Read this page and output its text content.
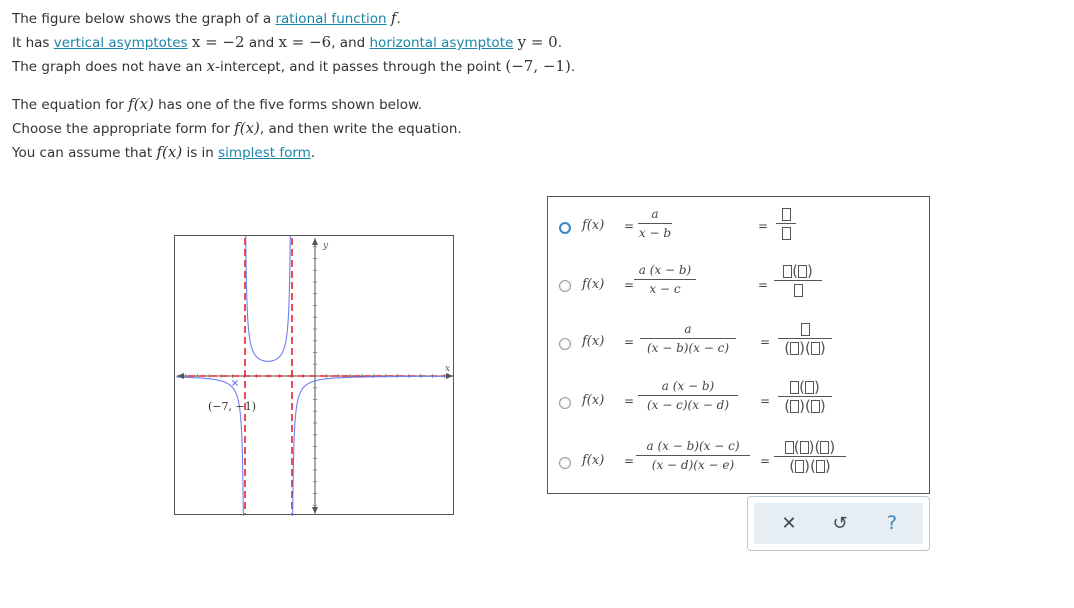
The figure below shows the graph of a rational function f.
It has vertical asymptotes x = −2 and x = −6, and horizontal asymptote y = 0.
The graph does not have an x-intercept, and it passes through the point (−7, −1).
The equation for f(x) has one of the five forms shown below.
Choose the appropriate form for f(x), and then write the equation.
You can assume that f(x) is in simplest form.
y
x
(−7, −1)
f(x) =
a
x − b	=
f(x) =
a (x − b)
x − c	=
( )
f(x) =
a
(x − b)(x − c)	= ( )( )
f(x) =
a (x − b)
(x − c)(x − d)	=
( )
( )( )
f(x) =
a (x − b)(x − c)
(x − d)(x − e)	=
( )( )
( )( )
✕	↺	?
